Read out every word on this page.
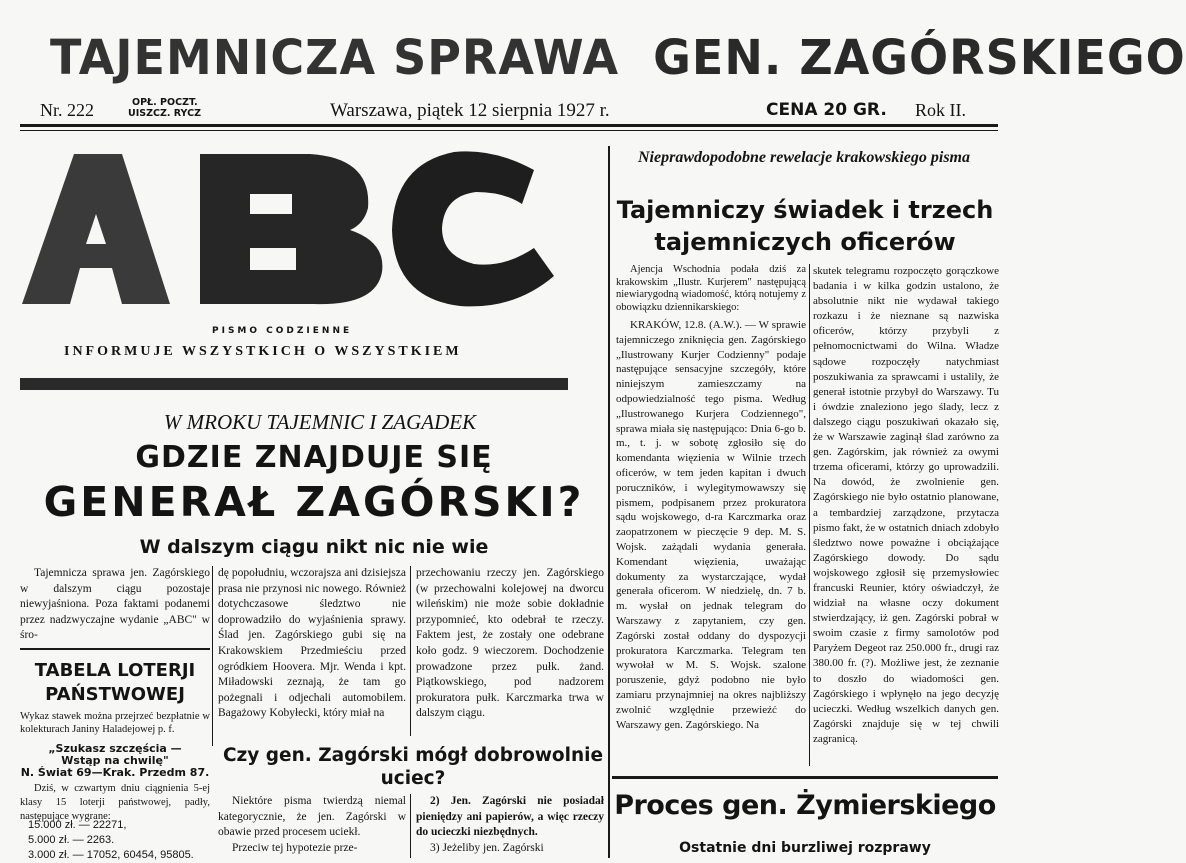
TAJEMNICZA SPRAWA GEN. ZAGÓRSKIEGO
Nr. 222	OPŁ. POCZT.
UISZCZ. RYCZ	Warszawa, piątek 12 sierpnia 1927 r.	CENA 20 GR. Rok II.
PISMO CODZIENNE
INFORMUJE WSZYSTKICH O WSZYSTKIEM
W MROKU TAJEMNIC I ZAGADEK
GDZIE ZNAJDUJE SIĘ
GENERAŁ ZAGÓRSKI?
W dalszym ciągu nikt nic nie wie

Tajemnicza sprawa jen. Zagórskiego w dalszym ciągu pozostaje niewyjaśniona. Poza faktami podanemi przez nadzwyczajne wydanie „ABC" w śro-

TABELA LOTERJI
PAŃSTWOWEJ

Wykaz stawek można przejrzeć bezpłatnie w kolekturach Janiny Haladejowej p. f.

„Szukasz szczęścia —
Wstąp na chwilę"
N. Świat 69—Krak. Przedm 87.

Dziś, w czwartym dniu ciągnienia 5-ej klasy 15 loterji państwowej, padły, następujące wygrane:

15.000 zł. — 22271,
5.000 zł. — 2263.
3.000 zł. — 17052, 60454, 95805.

dę popołudniu, wczorajsza ani dzisiejsza prasa nie przynosi nic nowego. Również dotychczasowe śledztwo nie doprowadziło do wyjaśnienia sprawy. Ślad jen. Zagórskiego gubi się na Krakowskiem Przedmieściu przed ogródkiem Hoovera. Mjr. Wenda i kpt. Miładowski zeznają, że tam go pożegnali i odjechali automobilem. Bagażowy Kobyłecki, który miał na

przechowaniu rzeczy jen. Zagórskiego (w przechowalni kolejowej na dworcu wileńskim) nie może sobie dokładnie przypomnieć, kto odebrał te rzeczy. Faktem jest, że zostały one odebrane koło godz. 9 wieczorem. Dochodzenie prowadzone przez pułk. żand. Piątkowskiego, pod nadzorem prokuratora pułk. Karczmarka trwa w dalszym ciągu.

Czy gen. Zagórski mógł dobrowolnie uciec?

Niektóre pisma twierdzą niemal kategorycznie, że jen. Zagórski w obawie przed procesem uciekł.

Przeciw tej hypotezie prze-

2) Jen. Zagórski nie posiadał pieniędzy ani papierów, a więc rzeczy do ucieczki niezbędnych.

3) Jeżeliby jen. Zagórski

Nieprawdopodobne rewelacje krakowskiego pisma
Tajemniczy świadek i trzech
tajemniczych oficerów

Ajencja Wschodnia podała dziś za krakowskim „Ilustr. Kurjerem" następującą niewiarygodną wiadomość, którą notujemy z obowiązku dziennikarskiego:

KRAKÓW, 12.8. (A.W.). — W sprawie tajemniczego zniknięcia gen. Zagórskiego „Ilustrowany Kurjer Codzienny" podaje następujące sensacyjne szczegóły, które niniejszym zamieszczamy na odpowiedzialność tego pisma. Według „Ilustrowanego Kurjera Codziennego", sprawa miała się następująco: Dnia 6-go b. m., t. j. w sobotę zgłosiło się do komendanta więzienia w Wilnie trzech oficerów, w tem jeden kapitan i dwuch poruczników, i wylegitymowawszy się pismem, podpisanem przez prokuratora sądu wojskowego, d-ra Karczmarka oraz zaopatrzonem w pieczęcie 9 dep. M. S. Wojsk. zażądali wydania generała. Komendant więzienia, uważając dokumenty za wystarczające, wydał generała oficerom. W niedzielę, dn. 7 b. m. wysłał on jednak telegram do Warszawy z zapytaniem, czy gen. Zagórski został oddany do dyspozycji prokuratora Karczmarka. Telegram ten wywołał w M. S. Wojsk. szalone poruszenie, gdyż podobno nie było zamiaru przynajmniej na okres najbliższy zwolnić względnie przewieźć do Warszawy gen. Zagórskiego. Na

skutek telegramu rozpoczęto gorączkowe badania i w kilka godzin ustalono, że absolutnie nikt nie wydawał takiego rozkazu i że nieznane są nazwiska oficerów, którzy przybyli z pełnomocnictwami do Wilna. Władze sądowe rozpoczęły natychmiast poszukiwania za sprawcami i ustalily, że generał istotnie przybył do Warszawy. Tu i ówdzie znaleziono jego ślady, lecz z dalszego ciągu poszukiwań okazało się, że w Warszawie zaginął ślad zarówno za gen. Zagórskim, jak również za owymi trzema oficerami, którzy go uprowadzili. Na dowód, że zwolnienie gen. Zagórskiego nie było ostatnio planowane, a tembardziej zarządzone, przytacza pismo fakt, że w ostatnich dniach zdobyło śledztwo nowe poważne i obciążające Zagórskiego dowody. Do sądu wojskowego zgłosił się przemysłowiec francuski Reunier, który oświadczył, że widział na własne oczy dokument stwierdzający, iż gen. Zagórski pobrał w swoim czasie z firmy samolotów pod Paryżem Degeot raz 250.000 fr., drugi raz 380.00 fr. (?). Możliwe jest, że zeznanie to doszło do wiadomości gen. Zagórskiego i wpłynęło na jego decyzję ucieczki. Według wszelkich danych gen. Zagórski znajduje się w tej chwili zagranicą.

Proces gen. Żymierskiego
Ostatnie dni burzliwej rozprawy
